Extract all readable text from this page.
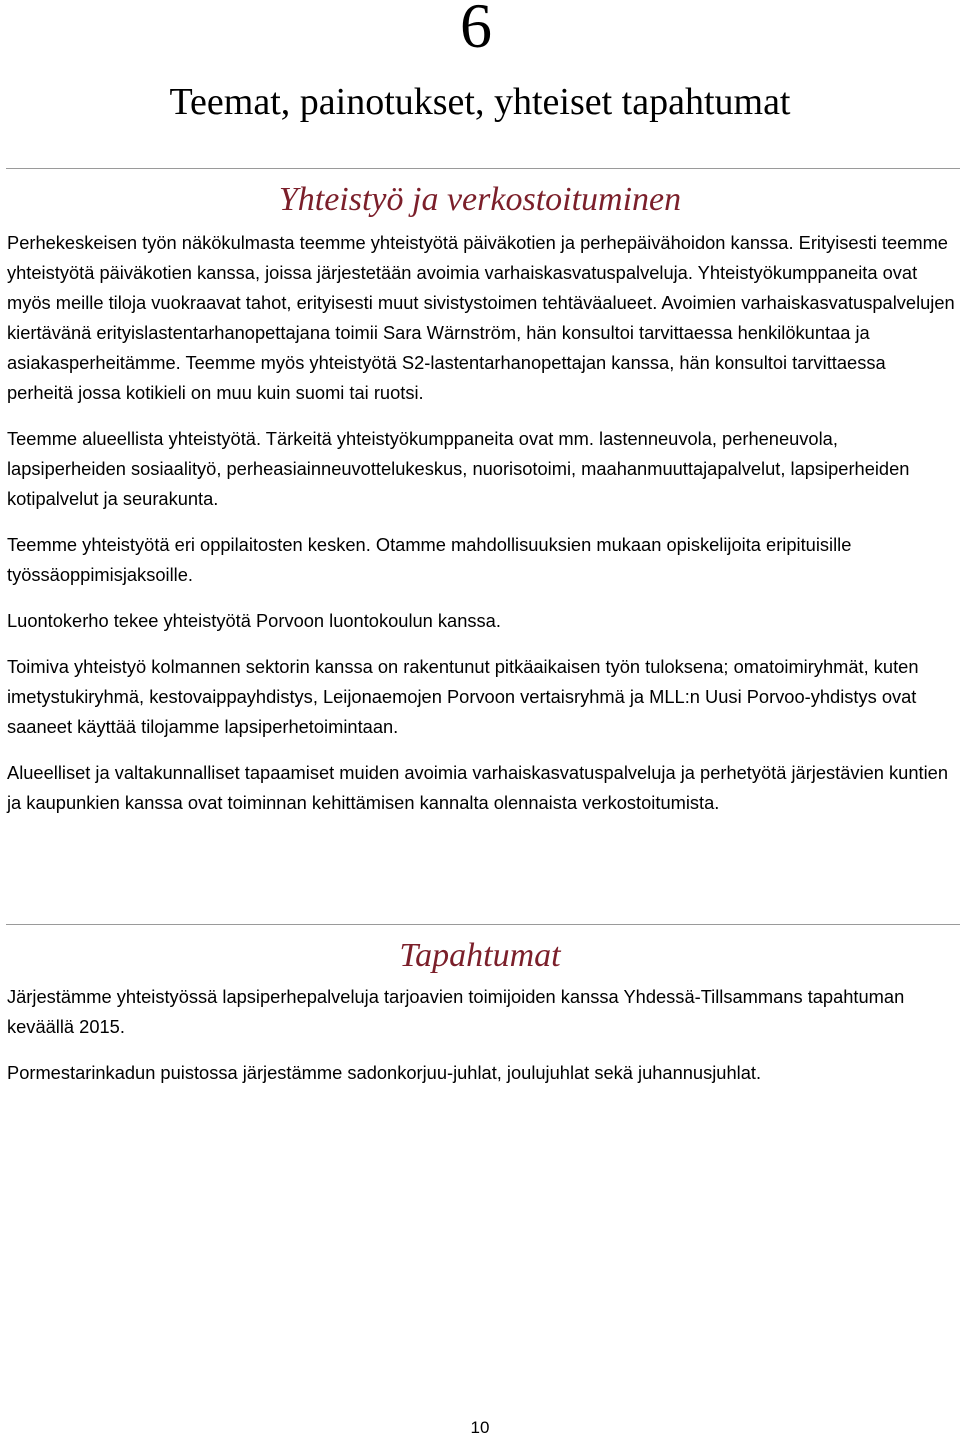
6
Teemat, painotukset, yhteiset tapahtumat
Yhteistyö ja verkostoituminen

Perhekeskeisen työn näkökulmasta teemme yhteistyötä päiväkotien ja perhepäivähoidon kanssa. Erityisesti teemme yhteistyötä päiväkotien kanssa, joissa järjestetään avoimia varhaiskasvatuspalveluja. Yhteistyökumppaneita ovat myös meille tiloja vuokraavat tahot, erityisesti muut sivistystoimen tehtäväalueet. Avoimien varhaiskasvatuspalvelujen kiertävänä erityislastentarhanopettajana toimii Sara Wärnström, hän konsultoi tarvittaessa henkilökuntaa ja asiakasperheitämme. Teemme myös yhteistyötä S2-lastentarhanopettajan kanssa, hän konsultoi tarvittaessa perheitä jossa kotikieli on muu kuin suomi tai ruotsi.

Teemme alueellista yhteistyötä. Tärkeitä yhteistyökumppaneita ovat mm. lastenneuvola, perheneuvola, lapsiperheiden sosiaalityö, perheasiainneuvottelukeskus, nuorisotoimi, maahanmuuttajapalvelut, lapsiperheiden kotipalvelut ja seurakunta.

Teemme yhteistyötä eri oppilaitosten kesken. Otamme mahdollisuuksien mukaan opiskelijoita eripituisille työssäoppimisjaksoille.

Luontokerho tekee yhteistyötä Porvoon luontokoulun kanssa.

Toimiva yhteistyö kolmannen sektorin kanssa on rakentunut pitkäaikaisen työn tuloksena; omatoimiryhmät, kuten imetystukiryhmä, kestovaippayhdistys, Leijonaemojen Porvoon vertaisryhmä ja MLL:n Uusi Porvoo-yhdistys ovat saaneet käyttää tilojamme lapsiperhetoimintaan.

Alueelliset ja valtakunnalliset tapaamiset muiden avoimia varhaiskasvatuspalveluja ja perhetyötä järjestävien kuntien ja kaupunkien kanssa ovat toiminnan kehittämisen kannalta olennaista verkostoitumista.

Tapahtumat

Järjestämme yhteistyössä lapsiperhepalveluja tarjoavien toimijoiden kanssa Yhdessä-Tillsammans tapahtuman keväällä 2015.

Pormestarinkadun puistossa järjestämme sadonkorjuu-juhlat, joulujuhlat sekä juhannusjuhlat.

10
